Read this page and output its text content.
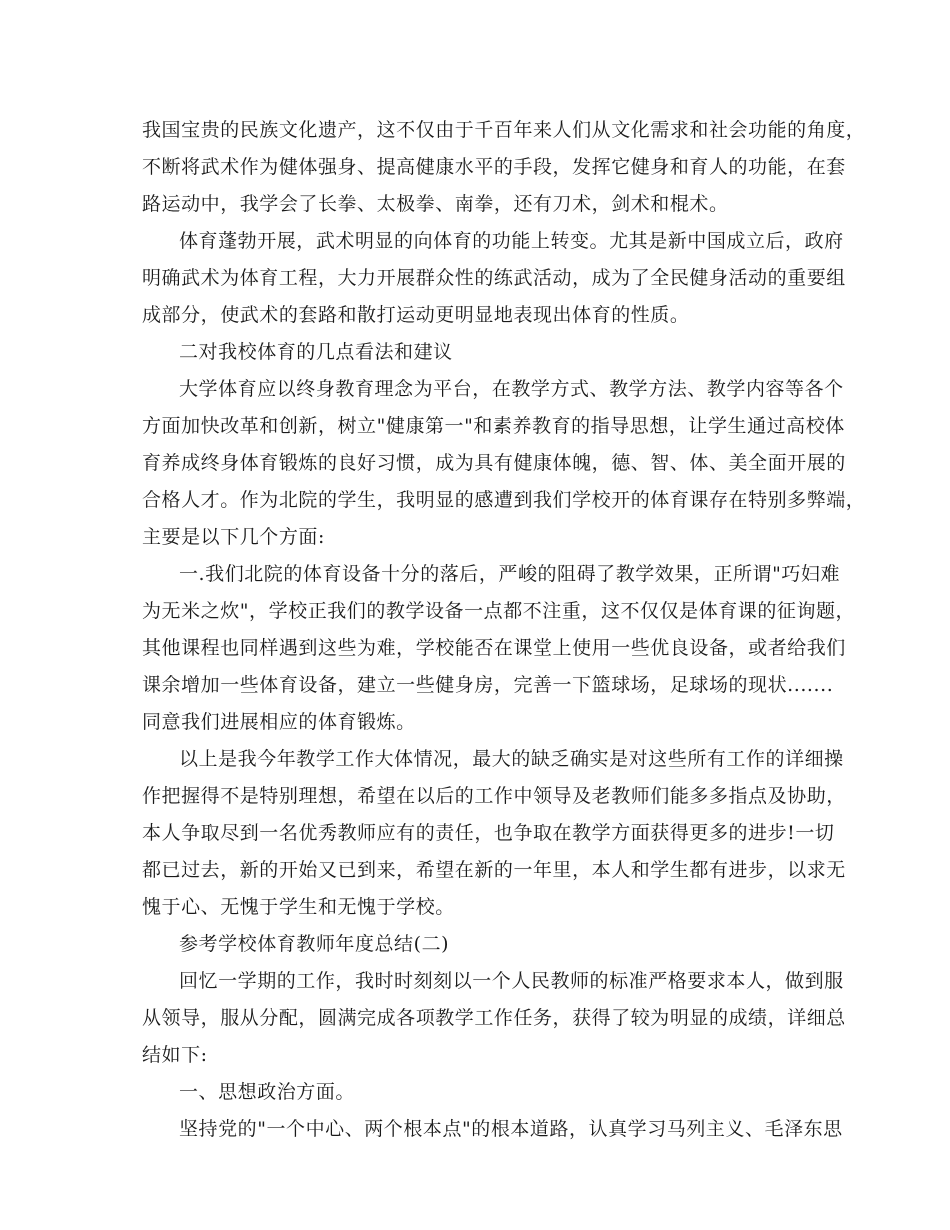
我国宝贵的民族文化遗产，这不仅由于千百年来人们从文化需求和社会功能的角度，
不断将武术作为健体强身、提高健康水平的手段，发挥它健身和育人的功能，在套
路运动中，我学会了长拳、太极拳、南拳，还有刀术，剑术和棍术。
体育蓬勃开展，武术明显的向体育的功能上转变。尤其是新中国成立后，政府
明确武术为体育工程，大力开展群众性的练武活动，成为了全民健身活动的重要组
成部分，使武术的套路和散打运动更明显地表现出体育的性质。
二对我校体育的几点看法和建议
大学体育应以终身教育理念为平台，在教学方式、教学方法、教学内容等各个
方面加快改革和创新，树立"健康第一"和素养教育的指导思想，让学生通过高校体
育养成终身体育锻炼的良好习惯，成为具有健康体魄，德、智、体、美全面开展的
合格人才。作为北院的学生，我明显的感遭到我们学校开的体育课存在特别多弊端，
主要是以下几个方面:
一.我们北院的体育设备十分的落后，严峻的阻碍了教学效果，正所谓"巧妇难
为无米之炊"，学校正我们的教学设备一点都不注重，这不仅仅是体育课的征询题，
其他课程也同样遇到这些为难，学校能否在课堂上使用一些优良设备，或者给我们
课余增加一些体育设备，建立一些健身房，完善一下篮球场，足球场的现状.......
同意我们进展相应的体育锻炼。
以上是我今年教学工作大体情况，最大的缺乏确实是对这些所有工作的详细操
作把握得不是特别理想，希望在以后的工作中领导及老教师们能多多指点及协助，
本人争取尽到一名优秀教师应有的责任，也争取在教学方面获得更多的进步!一切
都已过去，新的开始又已到来，希望在新的一年里，本人和学生都有进步，以求无
愧于心、无愧于学生和无愧于学校。
参考学校体育教师年度总结(二)
回忆一学期的工作，我时时刻刻以一个人民教师的标准严格要求本人，做到服
从领导，服从分配，圆满完成各项教学工作任务，获得了较为明显的成绩，详细总
结如下:
一、思想政治方面。
坚持党的"一个中心、两个根本点"的根本道路，认真学习马列主义、毛泽东思
